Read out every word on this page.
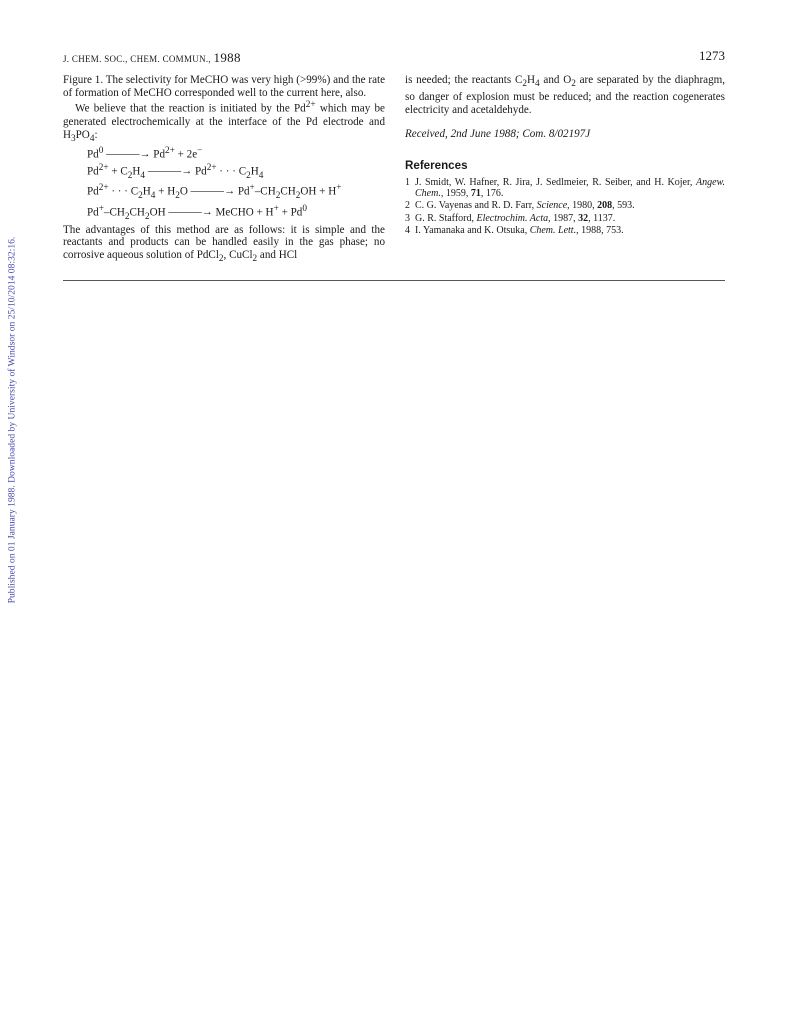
Published on 01 January 1988. Downloaded by University of Windsor on 25/10/2014 08:32:16.
J. CHEM. SOC., CHEM. COMMUN., 1988	1273

Figure 1. The selectivity for MeCHO was very high (>99%) and the rate of formation of MeCHO corresponded well to the current here, also.

We believe that the reaction is initiated by the $Pd^{2+}$ which may be generated electrochemically at the interface of the Pd electrode and $H_3PO_4$:

Pd$^0$ ———→ $Pd^{2+} + 2e^-$
$Pd^{2+} + C_2H_4$ ———→ $Pd^{2+}$ · · · $C_2H_4$
$Pd^{2+}$ · · · $C_2H_4 + H_2O$ ———→ $Pd^+-CH_2CH_2OH + H^+$
$Pd^+-CH_2CH_2OH$ ———→ MeCHO + $H^+ + Pd^0$

The advantages of this method are as follows: it is simple and the reactants and products can be handled easily in the gas phase; no corrosive aqueous solution of PdCl$_2$, CuCl$_2$ and HCl

is needed; the reactants $C_2H_4$ and $O_2$ are separated by the diaphragm, so danger of explosion must be reduced; and the reaction cogenerates electricity and acetaldehyde.

Received, 2nd June 1988; Com. 8/02197J

References
1 J. Smidt, W. Hafner, R. Jira, J. Sedlmeier, R. Seiber, and H. Kojer, Angew. Chem., 1959, 71, 176.
2 C. G. Vayenas and R. D. Farr, Science, 1980, 208, 593.
3 G. R. Stafford, Electrochim. Acta, 1987, 32, 1137.
4 I. Yamanaka and K. Otsuka, Chem. Lett., 1988, 753.
